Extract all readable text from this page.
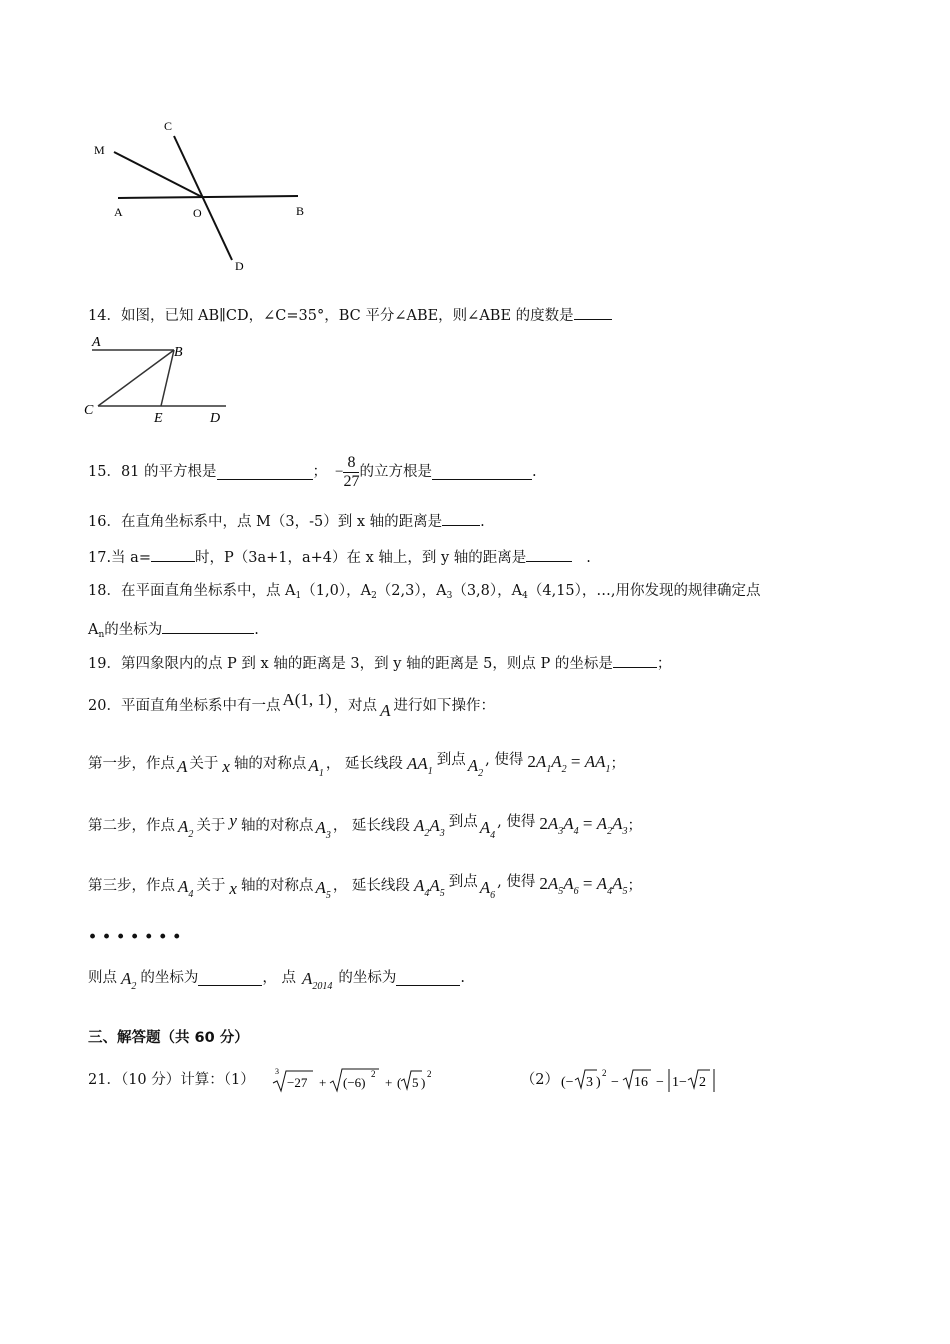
C
M
A	O	B
D
14．如图，已知 AB∥CD，∠C=35°，BC 平分∠ABE，则∠ABE 的度数是
A
B
C
E	D
15．81 的平方根是	； − $\frac{8}{27}$ 的立方根是	.
16．在直角坐标系中，点 M（3，-5）到 x 轴的距离是	.
17.当 a=	时，P（3a+1，a+4）在 x 轴上，到 y 轴的距离是	.
18．在平面直角坐标系中，点 $A_1(1,0)$，$A_2(2,3)$，$A_3(3,8)$，$A_4(4,15)$，…,用你发现的规律确定点
$A_n$的坐标为	.
19．第四象限内的点 P 到 x 轴的距离是 3，到 y 轴的距离是 5，则点 P 的坐标是	；
20．平面直角坐标系中有一点 A(1, 1) ，对点 A 进行如下操作：
第一步，作点 A 关于 x 轴的对称点 $A_1$
， 延长线段 $AA_1$
到点 $A_2$
, 使得 $2A_1A_2 = AA_1$ ；
第二步，作点 $A_2$
关于 y 轴的对称点 $A_3$
， 延长线段 $A_2A_3$
到点 $A_4$
, 使得 $2A_3A_4 = A_2A_3$ ；
第三步，作点 $A_4$
关于 x 轴的对称点 $A_5$
， 延长线段 $A_4A_5$
到点 $A_6$
, 使得 $2A_5A_6 = A_4A_5$ ；
·······
则点 $A_2$
的坐标为	， 点 $A_{2014}$
的坐标为	.
三、解答题（共 60 分）
21．（10 分）计算：（1）
3
−27 + (−6)
2
+ ( 5 )
2	（2） (− 3 )
2
− 16 − 1− 2
